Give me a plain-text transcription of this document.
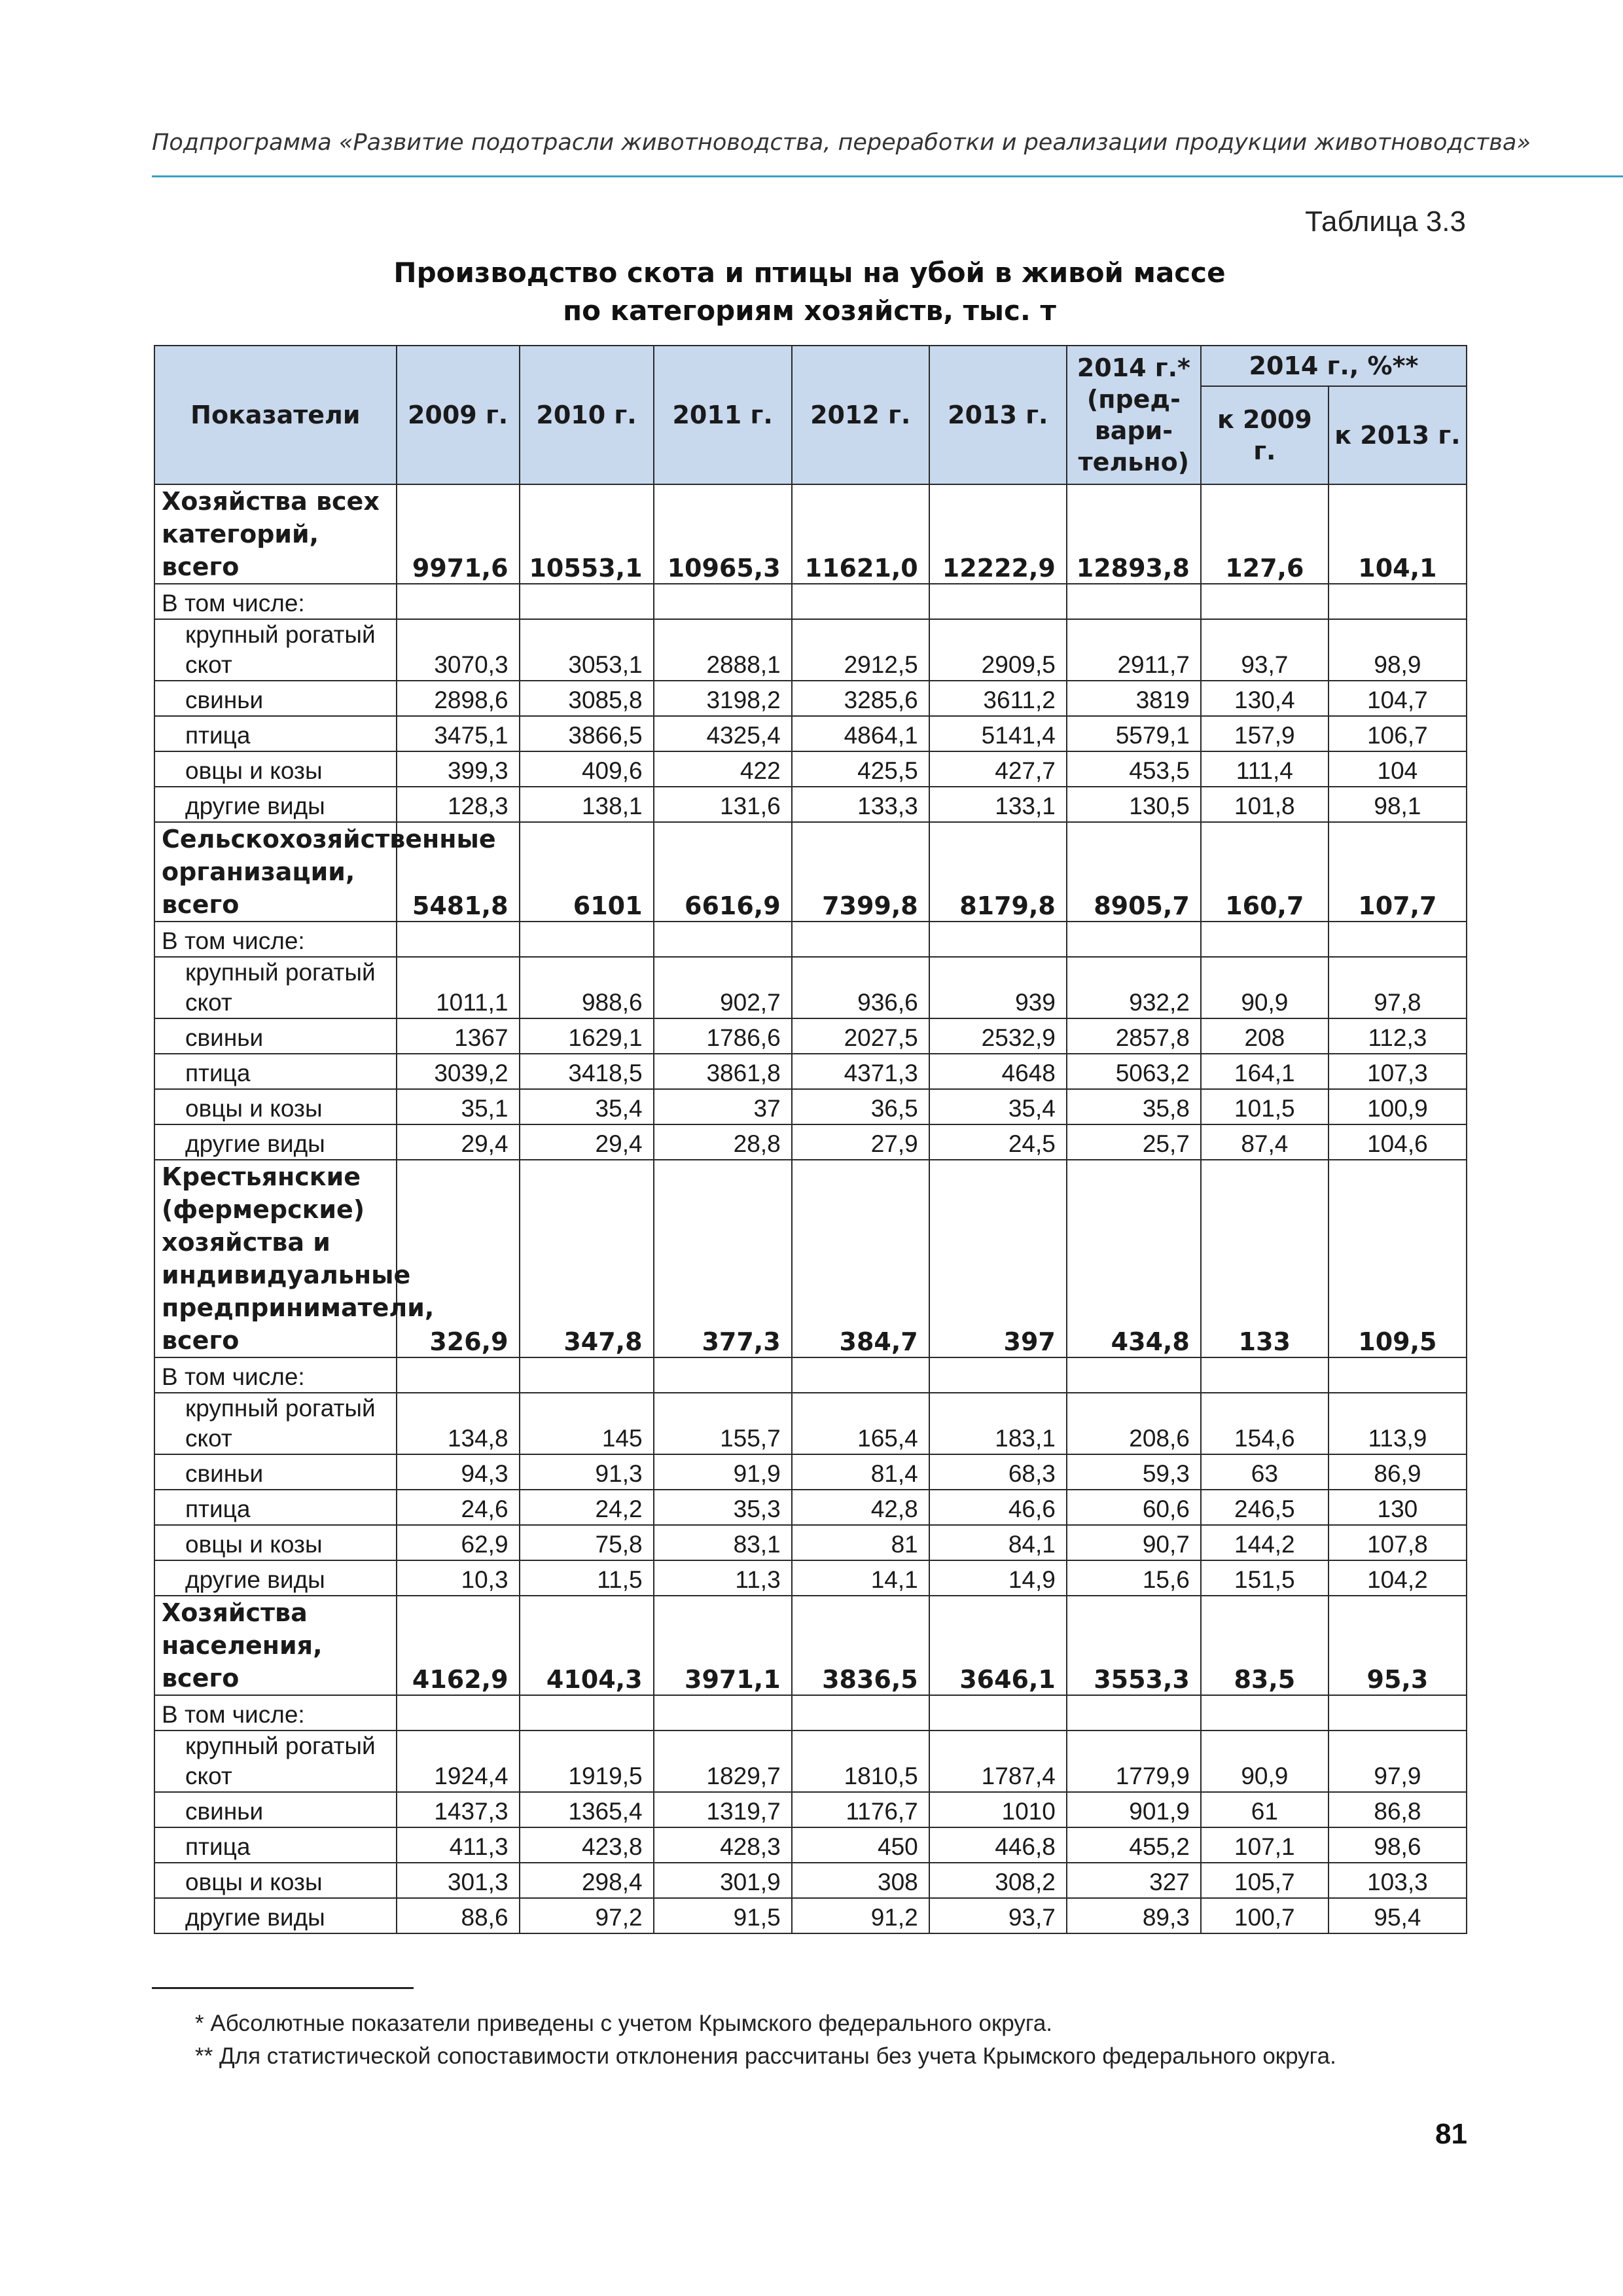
Подпрограмма «Развитие подотрасли животноводства, переработки и реализации продукции животноводства»
Таблица 3.3
Производство скота и птицы на убой в живой массе
по категориям хозяйств, тыс. т
Показатели	2009 г.	2010 г.	2011 г.	2012 г.	2013 г.	2014 г.* (пред-вари-тельно)	2014 г., %**	
							к 2009 г.	к 2013 г.
Хозяйства всех категорий, всего	9971,6	10553,1	10965,3	11621,0	12222,9	12893,8	127,6	104,1
В том числе:								
крупный рогатый скот	3070,3	3053,1	2888,1	2912,5	2909,5	2911,7	93,7	98,9
свиньи	2898,6	3085,8	3198,2	3285,6	3611,2	3819	130,4	104,7
птица	3475,1	3866,5	4325,4	4864,1	5141,4	5579,1	157,9	106,7
овцы и козы	399,3	409,6	422	425,5	427,7	453,5	111,4	104
другие виды	128,3	138,1	131,6	133,3	133,1	130,5	101,8	98,1
Сельскохозяйственные организации, всего	5481,8	6101	6616,9	7399,8	8179,8	8905,7	160,7	107,7
В том числе:								
крупный рогатый скот	1011,1	988,6	902,7	936,6	939	932,2	90,9	97,8
свиньи	1367	1629,1	1786,6	2027,5	2532,9	2857,8	208	112,3
птица	3039,2	3418,5	3861,8	4371,3	4648	5063,2	164,1	107,3
овцы и козы	35,1	35,4	37	36,5	35,4	35,8	101,5	100,9
другие виды	29,4	29,4	28,8	27,9	24,5	25,7	87,4	104,6
Крестьянские (фермерские) хозяйства и индивидуальные предприниматели, всего	326,9	347,8	377,3	384,7	397	434,8	133	109,5
В том числе:								
крупный рогатый скот	134,8	145	155,7	165,4	183,1	208,6	154,6	113,9
свиньи	94,3	91,3	91,9	81,4	68,3	59,3	63	86,9
птица	24,6	24,2	35,3	42,8	46,6	60,6	246,5	130
овцы и козы	62,9	75,8	83,1	81	84,1	90,7	144,2	107,8
другие виды	10,3	11,5	11,3	14,1	14,9	15,6	151,5	104,2
Хозяйства населения, всего	4162,9	4104,3	3971,1	3836,5	3646,1	3553,3	83,5	95,3
В том числе:								
крупный рогатый скот	1924,4	1919,5	1829,7	1810,5	1787,4	1779,9	90,9	97,9
свиньи	1437,3	1365,4	1319,7	1176,7	1010	901,9	61	86,8
птица	411,3	423,8	428,3	450	446,8	455,2	107,1	98,6
овцы и козы	301,3	298,4	301,9	308	308,2	327	105,7	103,3
другие виды	88,6	97,2	91,5	91,2	93,7	89,3	100,7	95,4
* Абсолютные показатели приведены с учетом Крымского федерального округа.
** Для статистической сопоставимости отклонения рассчитаны без учета Крымского федерального округа.
81
